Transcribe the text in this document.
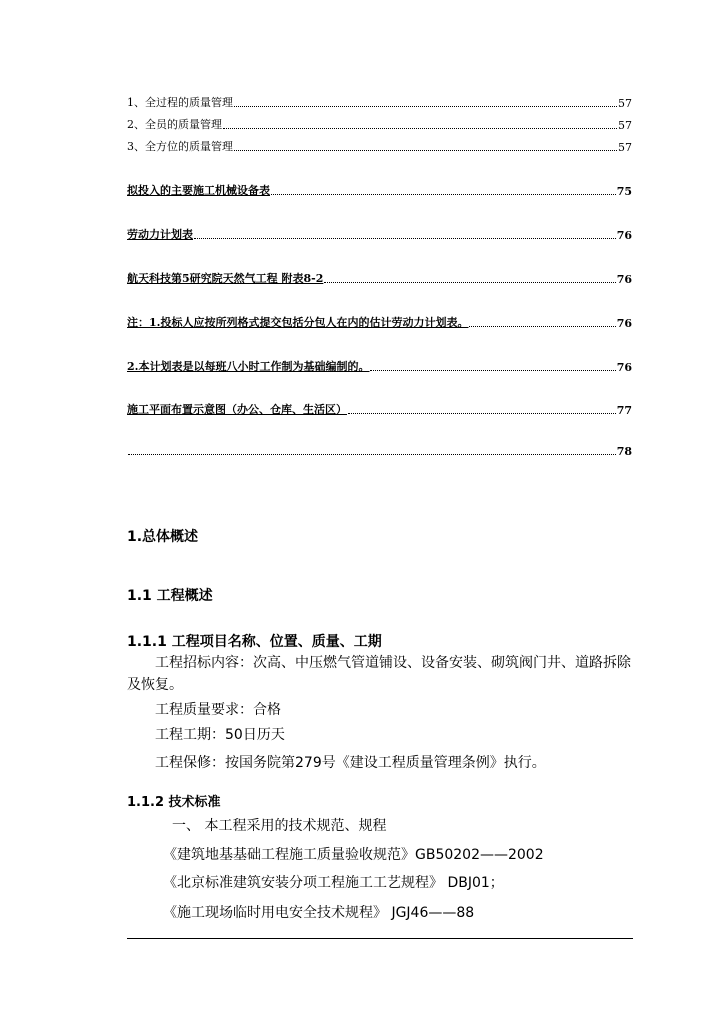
1、全过程的质量管理	57
2、全员的质量管理	57
3、全方位的质量管理	57
拟投入的主要施工机械设备表	75
劳动力计划表	76
航天科技第5研究院天然气工程 附表8-2	76
注：1.投标人应按所列格式提交包括分包人在内的估计劳动力计划表。	76
2.本计划表是以每班八小时工作制为基础编制的。	76
施工平面布置示意图（办公、仓库、生活区）	77
78
1.总体概述
1.1 工程概述
1.1.1 工程项目名称、位置、质量、工期
工程招标内容：次高、中压燃气管道铺设、设备安装、砌筑阀门井、道路拆除及恢复。
工程质量要求：合格
工程工期：50日历天
工程保修：按国务院第279号《建设工程质量管理条例》执行。
1.1.2 技术标准
一、 本工程采用的技术规范、规程
《建筑地基基础工程施工质量验收规范》GB50202——2002
《北京标准建筑安装分项工程施工工艺规程》 DBJ01；
《施工现场临时用电安全技术规程》 JGJ46——88
